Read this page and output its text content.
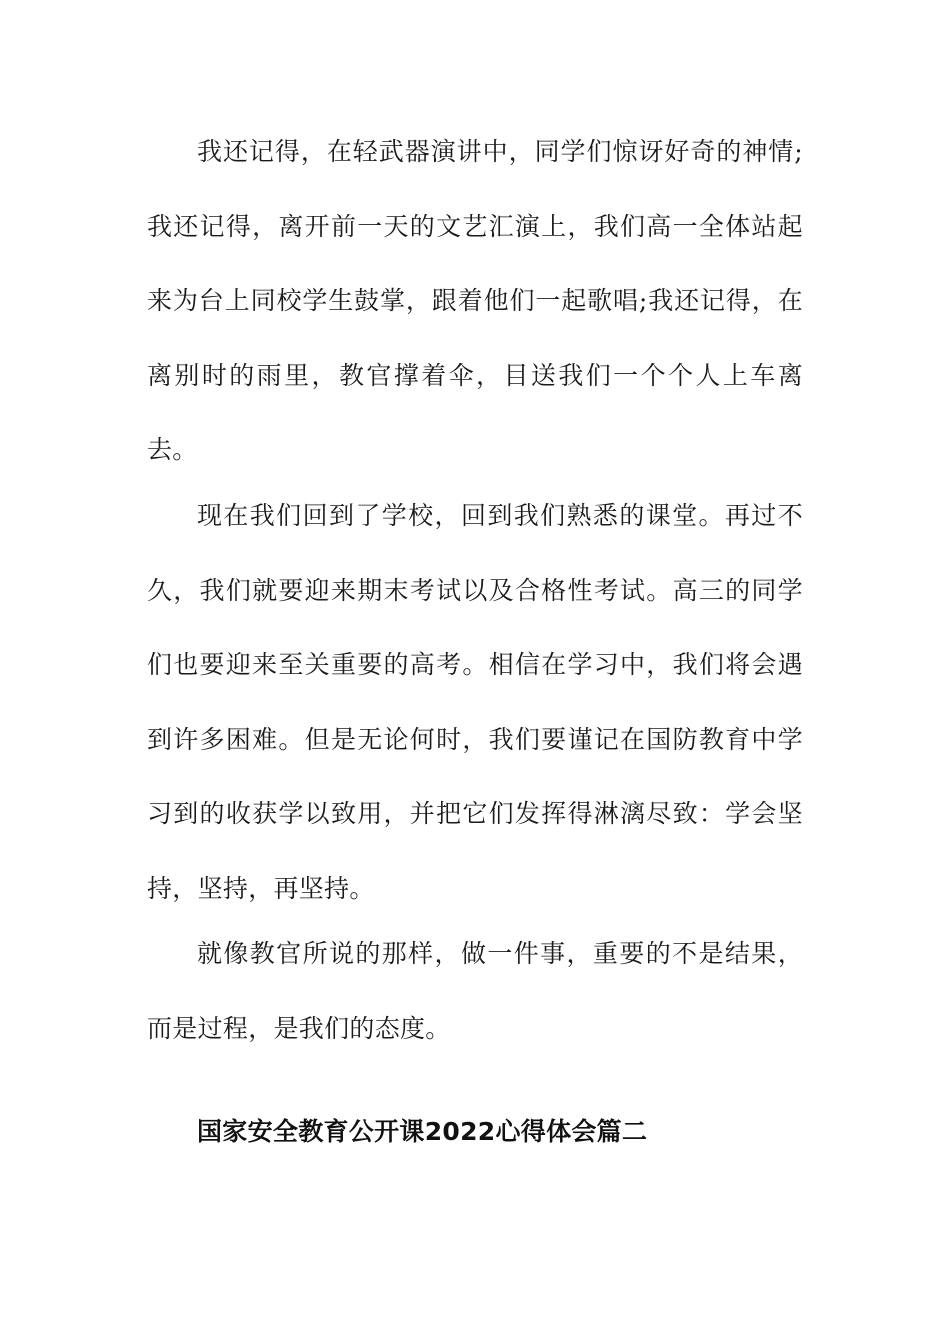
我还记得，在轻武器演讲中，同学们惊讶好奇的神情;我还记得，离开前一天的文艺汇演上，我们高一全体站起来为台上同校学生鼓掌，跟着他们一起歌唱;我还记得，在离别时的雨里，教官撑着伞，目送我们一个个人上车离去。

现在我们回到了学校，回到我们熟悉的课堂。再过不久，我们就要迎来期末考试以及合格性考试。高三的同学们也要迎来至关重要的高考。相信在学习中，我们将会遇到许多困难。但是无论何时，我们要谨记在国防教育中学习到的收获学以致用，并把它们发挥得淋漓尽致：学会坚持，坚持，再坚持。

就像教官所说的那样，做一件事，重要的不是结果，而是过程，是我们的态度。

国家安全教育公开课2022心得体会篇二
